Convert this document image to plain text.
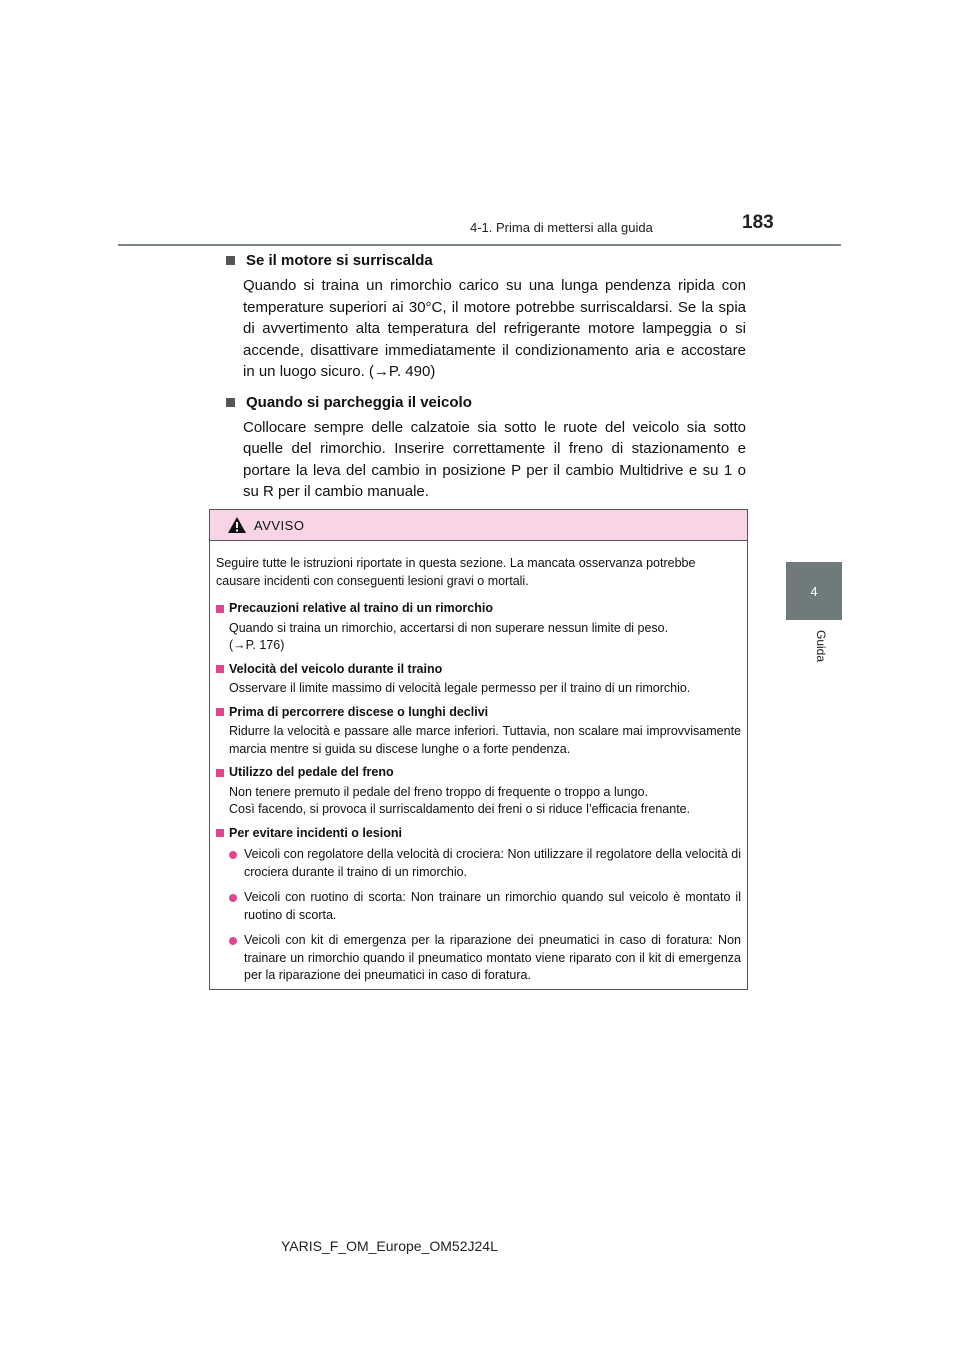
4-1. Prima di mettersi alla guida	183
4
Guida
Se il motore si surriscalda
Quando si traina un rimorchio carico su una lunga pendenza ripida con temperature superiori ai 30°C, il motore potrebbe surriscaldarsi. Se la spia di avvertimento alta temperatura del refrigerante motore lampeggia o si accende, disattivare immediatamente il condizionamento aria e accostare in un luogo sicuro. (→P. 490)
Quando si parcheggia il veicolo
Collocare sempre delle calzatoie sia sotto le ruote del veicolo sia sotto quelle del rimorchio. Inserire correttamente il freno di stazionamento e portare la leva del cambio in posizione P per il cambio Multidrive e su 1 o su R per il cambio manuale.
AVVISO

Seguire tutte le istruzioni riportate in questa sezione. La mancata osservanza potrebbe causare incidenti con conseguenti lesioni gravi o mortali.

Precauzioni relative al traino di un rimorchio

Quando si traina un rimorchio, accertarsi di non superare nessun limite di peso.

(→P. 176)

Velocità del veicolo durante il traino

Osservare il limite massimo di velocità legale permesso per il traino di un rimorchio.

Prima di percorrere discese o lunghi declivi

Ridurre la velocità e passare alle marce inferiori. Tuttavia, non scalare mai improvvisamente marcia mentre si guida su discese lunghe o a forte pendenza.

Utilizzo del pedale del freno

Non tenere premuto il pedale del freno troppo di frequente o troppo a lungo.

Così facendo, si provoca il surriscaldamento dei freni o si riduce l’efficacia frenante.

Per evitare incidenti o lesioni
Veicoli con regolatore della velocità di crociera: Non utilizzare il regolatore della velocità di crociera durante il traino di un rimorchio.
Veicoli con ruotino di scorta: Non trainare un rimorchio quando sul veicolo è montato il ruotino di scorta.
Veicoli con kit di emergenza per la riparazione dei pneumatici in caso di foratura: Non trainare un rimorchio quando il pneumatico montato viene riparato con il kit di emergenza per la riparazione dei pneumatici in caso di foratura.
YARIS_F_OM_Europe_OM52J24L
